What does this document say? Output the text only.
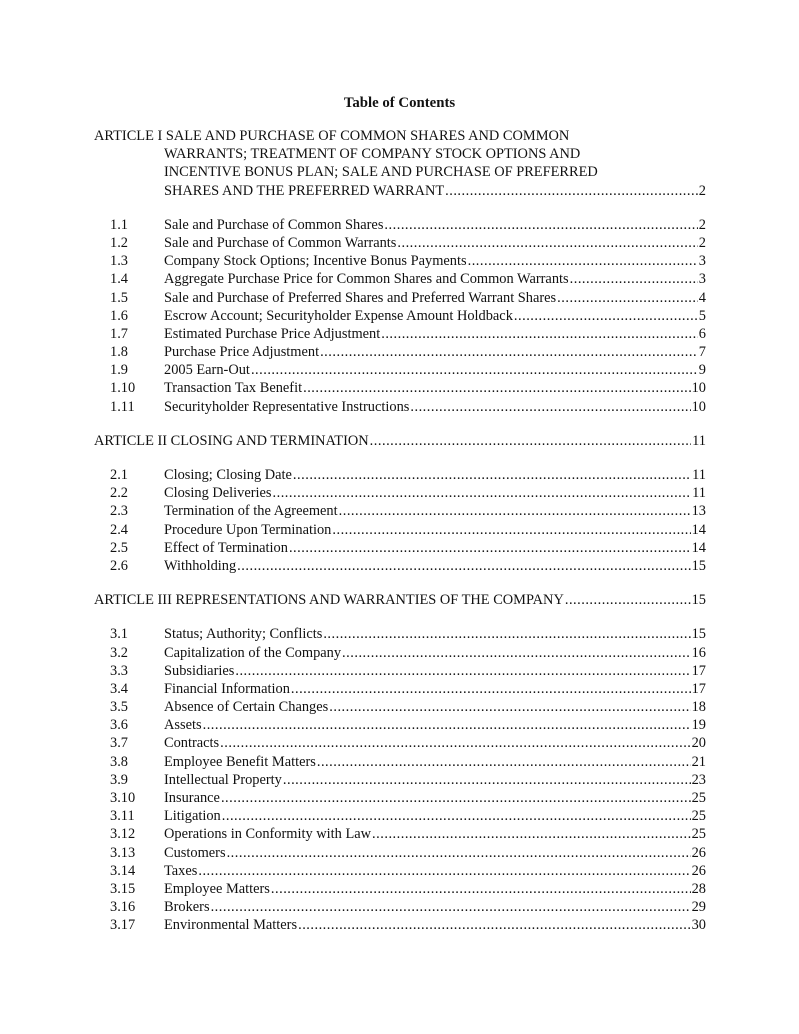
Table of Contents
ARTICLE I SALE AND PURCHASE OF COMMON SHARES AND COMMON
WARRANTS; TREATMENT OF COMPANY STOCK OPTIONS AND
INCENTIVE BONUS PLAN; SALE AND PURCHASE OF PREFERRED
SHARES AND THE PREFERRED WARRANT .....	2
1.1	Sale and Purchase of Common Shares .....	2
1.2	Sale and Purchase of Common Warrants .....	2
1.3	Company Stock Options; Incentive Bonus Payments .....	3
1.4	Aggregate Purchase Price for Common Shares and Common Warrants .....	3
1.5	Sale and Purchase of Preferred Shares and Preferred Warrant Shares .....	4
1.6	Escrow Account; Securityholder Expense Amount Holdback .....	5
1.7	Estimated Purchase Price Adjustment .....	6
1.8	Purchase Price Adjustment .....	7
1.9	2005 Earn-Out .....	9
1.10 Transaction Tax Benefit .....	10
1.11 Securityholder Representative Instructions .....	10
ARTICLE II CLOSING AND TERMINATION .....	11
2.1	Closing; Closing Date .....	11
2.2	Closing Deliveries .....	11
2.3	Termination of the Agreement .....	13
2.4	Procedure Upon Termination .....	14
2.5	Effect of Termination .....	14
2.6	Withholding .....	15
ARTICLE III REPRESENTATIONS AND WARRANTIES OF THE COMPANY .....	15
3.1	Status; Authority; Conflicts .....	15
3.2	Capitalization of the Company .....	16
3.3	Subsidiaries .....	17
3.4	Financial Information .....	17
3.5	Absence of Certain Changes .....	18
3.6	Assets .....	19
3.7	Contracts .....	20
3.8	Employee Benefit Matters .....	21
3.9	Intellectual Property .....	23
3.10 Insurance .....	25
3.11 Litigation .....	25
3.12 Operations in Conformity with Law .....	25
3.13 Customers .....	26
3.14 Taxes .....	26
3.15 Employee Matters .....	28
3.16 Brokers .....	29
3.17 Environmental Matters .....	30
